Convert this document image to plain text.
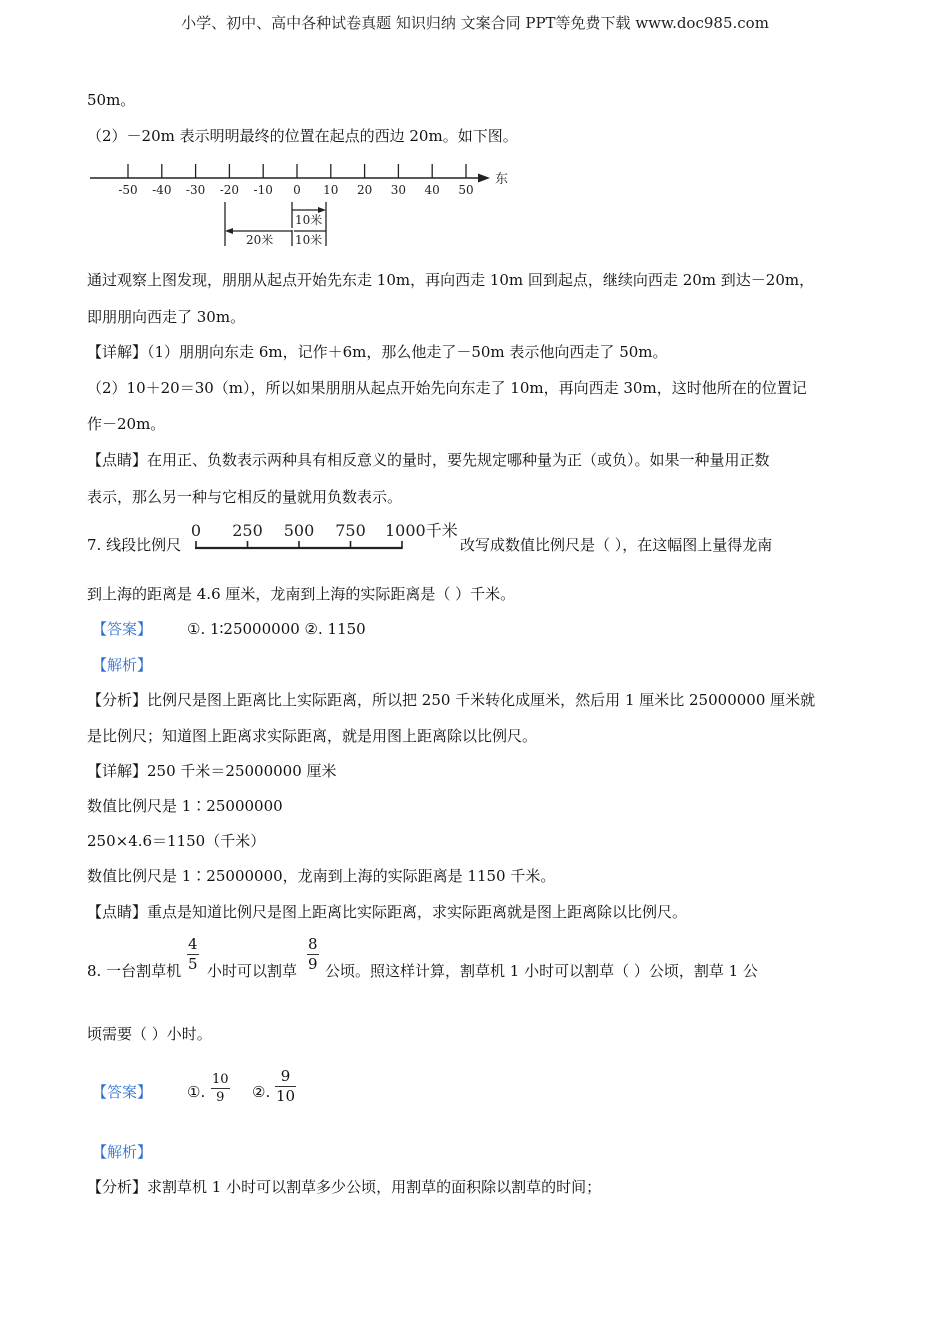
小学、初中、高中各种试卷真题 知识归纳 文案合同 PPT等免费下载 www.doc985.com
50m。
（2）－20m 表示明明最终的位置在起点的西边 20m。如下图。
-50 -40 -30 -20 -10 0 10 20 30 40 50
东
10米
10米
20米
通过观察上图发现，朋朋从起点开始先东走 10m，再向西走 10m 回到起点，继续向西走 20m 到达－20m，
即朋朋向西走了 30m。
【详解】（1）朋朋向东走 6m，记作＋6m，那么他走了－50m 表示他向西走了 50m。
（2）10＋20＝30（m），所以如果朋朋从起点开始先向东走了 10m，再向西走 30m，这时他所在的位置记
作－20m。
【点睛】在用正、负数表示两种具有相反意义的量时，要先规定哪种量为正（或负）。如果一种量用正数
表示，那么另一种与它相反的量就用负数表示。
7. 线段比例尺
0 250 500 750 1000千米
改写成数值比例尺是（ ），在这幅图上量得龙南
到上海的距离是 4.6 厘米，龙南到上海的实际距离是（ ）千米。
【答案】 ①. 1∶25000000 ②. 1150
【解析】
【分析】比例尺是图上距离比上实际距离，所以把 250 千米转化成厘米，然后用 1 厘米比 25000000 厘米就
是比例尺；知道图上距离求实际距离，就是用图上距离除以比例尺。
【详解】250 千米＝25000000 厘米
数值比例尺是 1∶25000000
250×4.6＝1150（千米）
数值比例尺是 1∶25000000，龙南到上海的实际距离是 1150 千米。
【点睛】重点是知道比例尺是图上距离比实际距离，求实际距离就是图上距离除以比例尺。
8. 一台割草机 $\frac{4}{5}$ 小时可以割草 $\frac{8}{9}$ 公顷。照这样计算，割草机 1 小时可以割草（ ）公顷，割草 1 公
顷需要（ ）小时。
【答案】 ①. $\frac{10}{9}$ ②. $\frac{9}{10}$
【解析】
【分析】求割草机 1 小时可以割草多少公顷，用割草的面积除以割草的时间；
